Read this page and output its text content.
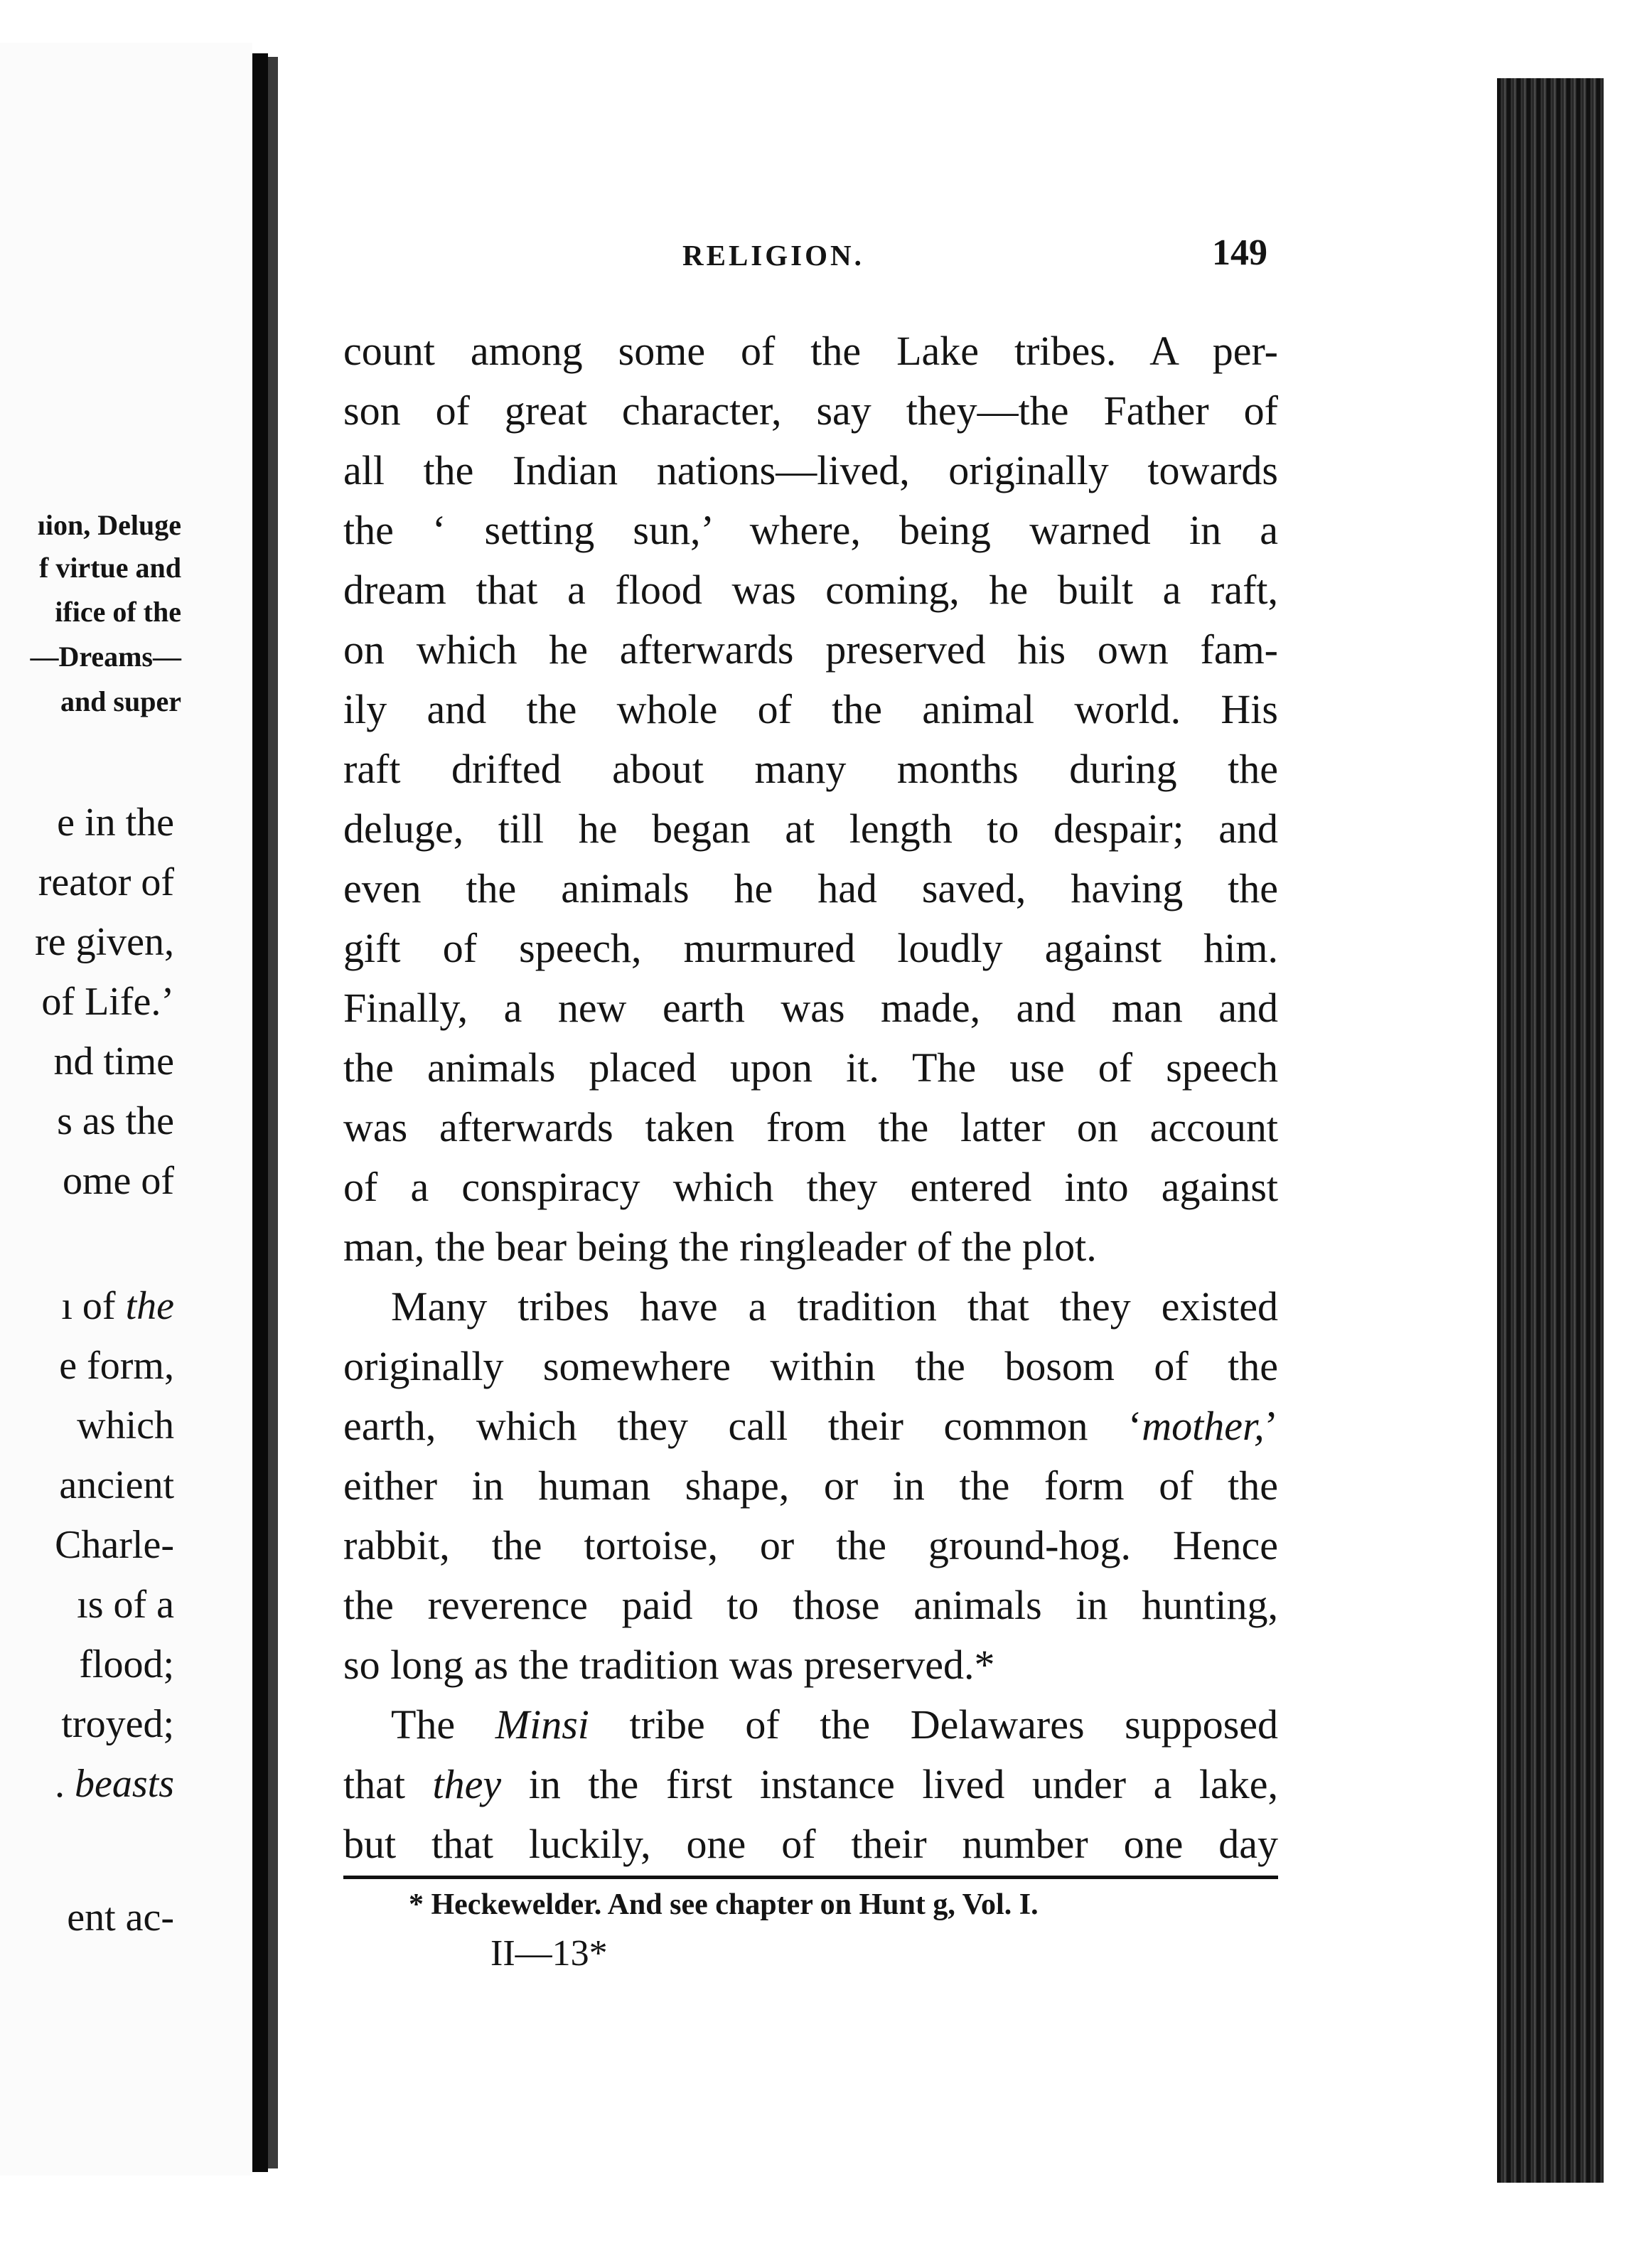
ıion, Deluge
f virtue and
ifice of the
—Dreams—
and super
e in the
reator of
re given,
of Life.’
nd time
s as the
ome of
ı of the
e form,
which
ancient
Charle-
ıs of a
flood;
troyed;
. beasts
ent ac-
RELIGION.	149
count among some of the Lake tribes. A per-
son of great character, say they—the Father of
all the Indian nations—lived, originally towards
the ‘ setting sun,’ where, being warned in a
dream that a flood was coming, he built a raft,
on which he afterwards preserved his own fam-
ily and the whole of the animal world. His
raft drifted about many months during the
deluge, till he began at length to despair; and
even the animals he had saved, having the
gift of speech, murmured loudly against him.
Finally, a new earth was made, and man and
the animals placed upon it. The use of speech
was afterwards taken from the latter on account
of a conspiracy which they entered into against
man, the bear being the ringleader of the plot.
Many tribes have a tradition that they existed
originally somewhere within the bosom of the
earth, which they call their common ‘mother,’
either in human shape, or in the form of the
rabbit, the tortoise, or the ground-hog. Hence
the reverence paid to those animals in hunting,
so long as the tradition was preserved.*
The Minsi tribe of the Delawares supposed
that they in the first instance lived under a lake,
but that luckily, one of their number one day
* Heckewelder. And see chapter on Hunt g, Vol. I.
II—13*
